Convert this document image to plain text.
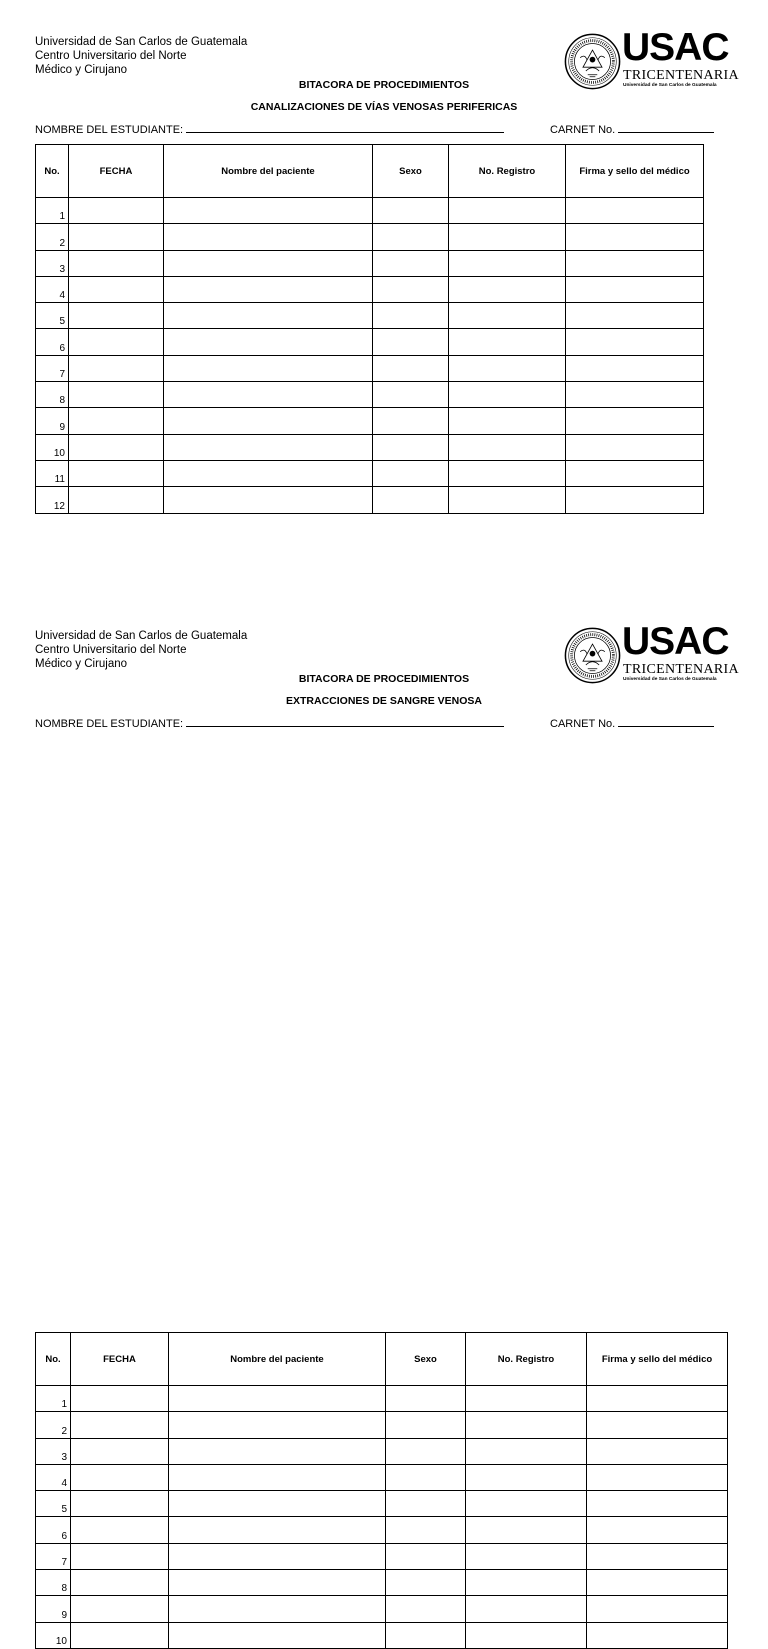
Universidad de San Carlos de Guatemala
Centro Universitario del Norte
Médico y Cirujano
USAC
TRICENTENARIA
Universidad de San Carlos de Guatemala
BITACORA DE PROCEDIMIENTOS
CANALIZACIONES DE VÍAS VENOSAS PERIFERICAS
NOMBRE DEL ESTUDIANTE:	CARNET No.
No.	FECHA	Nombre del paciente	Sexo	No. Registro	Firma y sello del médico
1					
2					
3					
4					
5					
6					
7					
8					
9					
10					
11					
12					
Universidad de San Carlos de Guatemala
Centro Universitario del Norte
Médico y Cirujano
USAC
TRICENTENARIA
Universidad de San Carlos de Guatemala
BITACORA DE PROCEDIMIENTOS
EXTRACCIONES DE SANGRE VENOSA
NOMBRE DEL ESTUDIANTE:	CARNET No.
No.	FECHA	Nombre del paciente	Sexo	No. Registro	Firma y sello del médico
1					
2					
3					
4					
5					
6					
7					
8					
9					
10					
